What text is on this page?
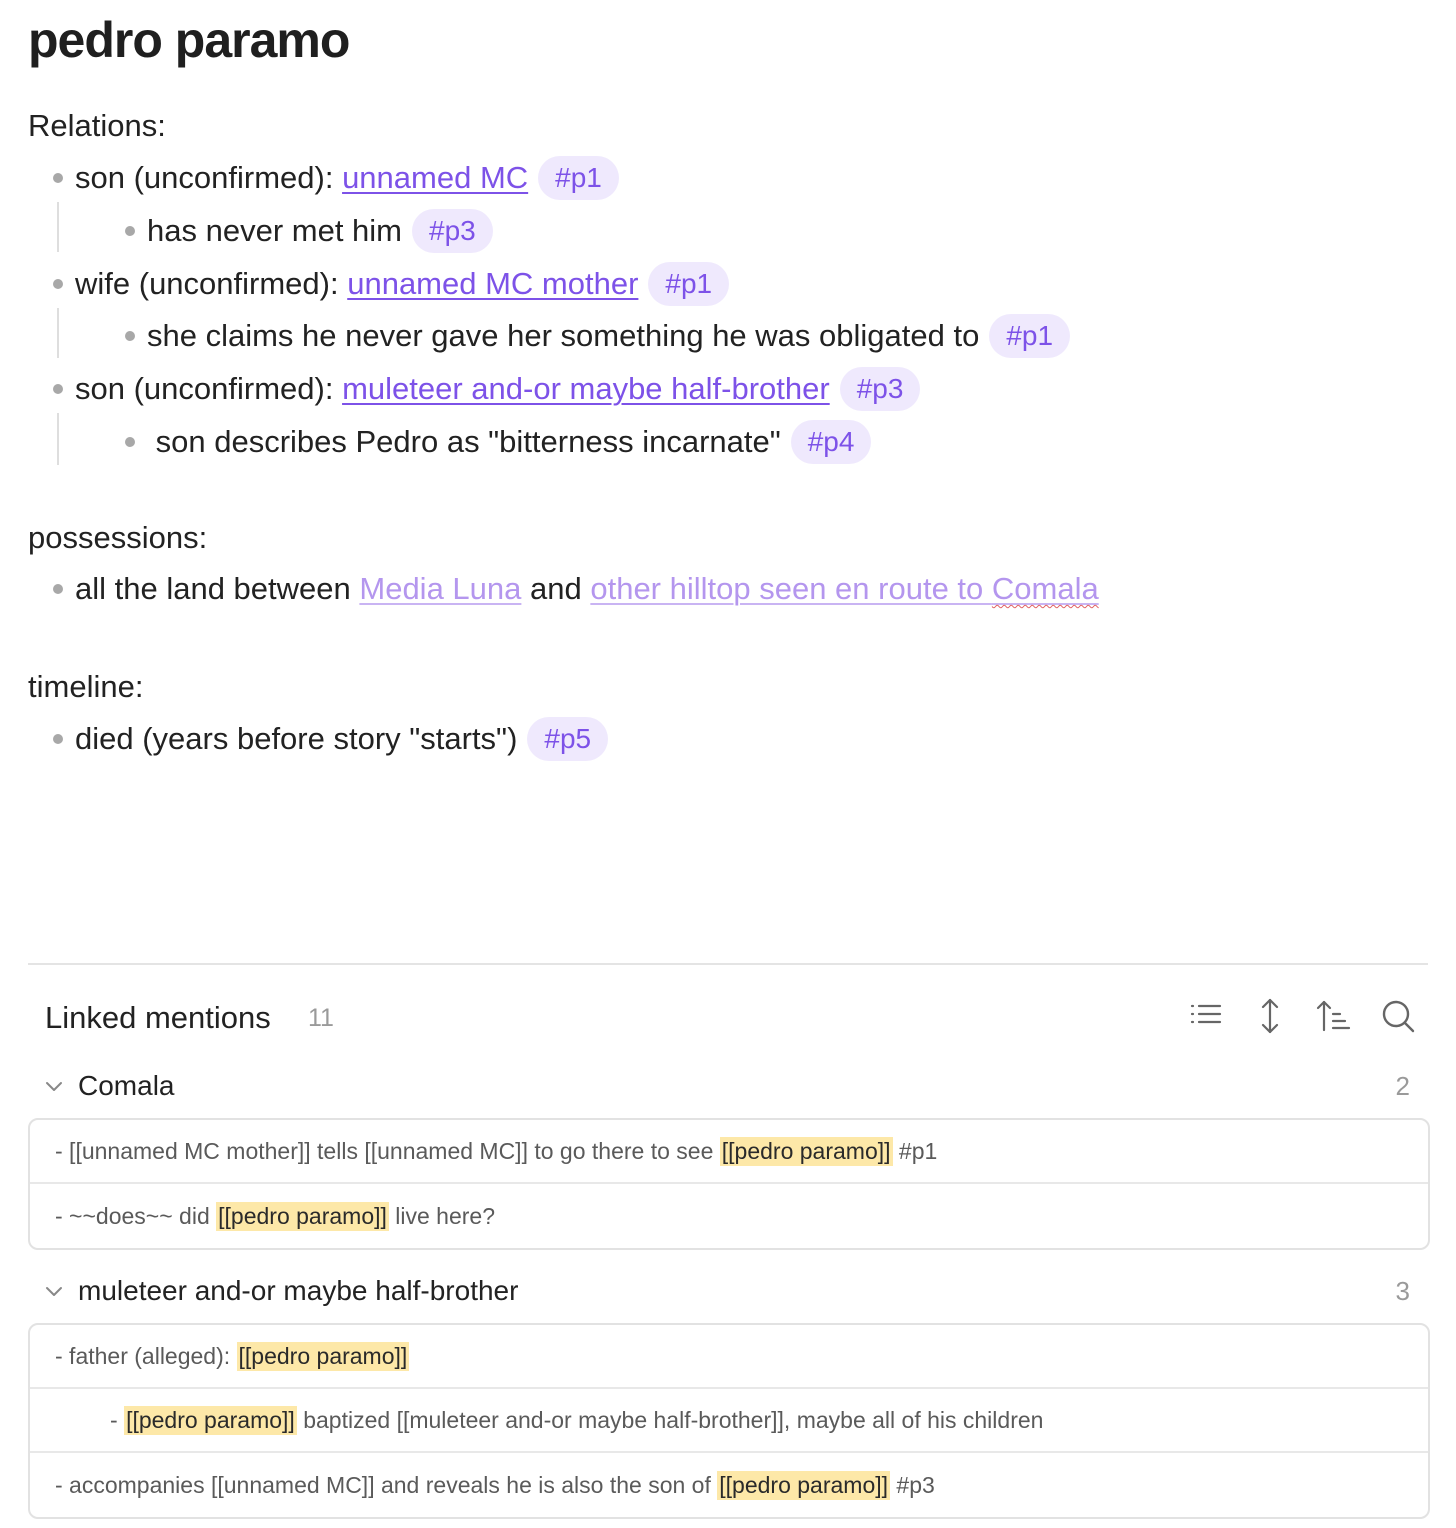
pedro paramo
Relations:
son (unconfirmed): unnamed MC #p1
has never met him #p3
wife (unconfirmed): unnamed MC mother #p1
she claims he never gave her something he was obligated to #p1
son (unconfirmed): muleteer and-or maybe half-brother #p3
son describes Pedro as "bitterness incarnate" #p4
possessions:
all the land between Media Luna and other hilltop seen en route to Comala
timeline:
died (years before story "starts") #p5
Linked mentions 11
Comala	2
- [[unnamed MC mother]] tells [[unnamed MC]] to go there to see [[pedro paramo]] #p1
- ~~does~~ did [[pedro paramo]] live here?
muleteer and-or maybe half-brother	3
- father (alleged): [[pedro paramo]]
- [[pedro paramo]] baptized [[muleteer and-or maybe half-brother]], maybe all of his children
- accompanies [[unnamed MC]] and reveals he is also the son of [[pedro paramo]] #p3
